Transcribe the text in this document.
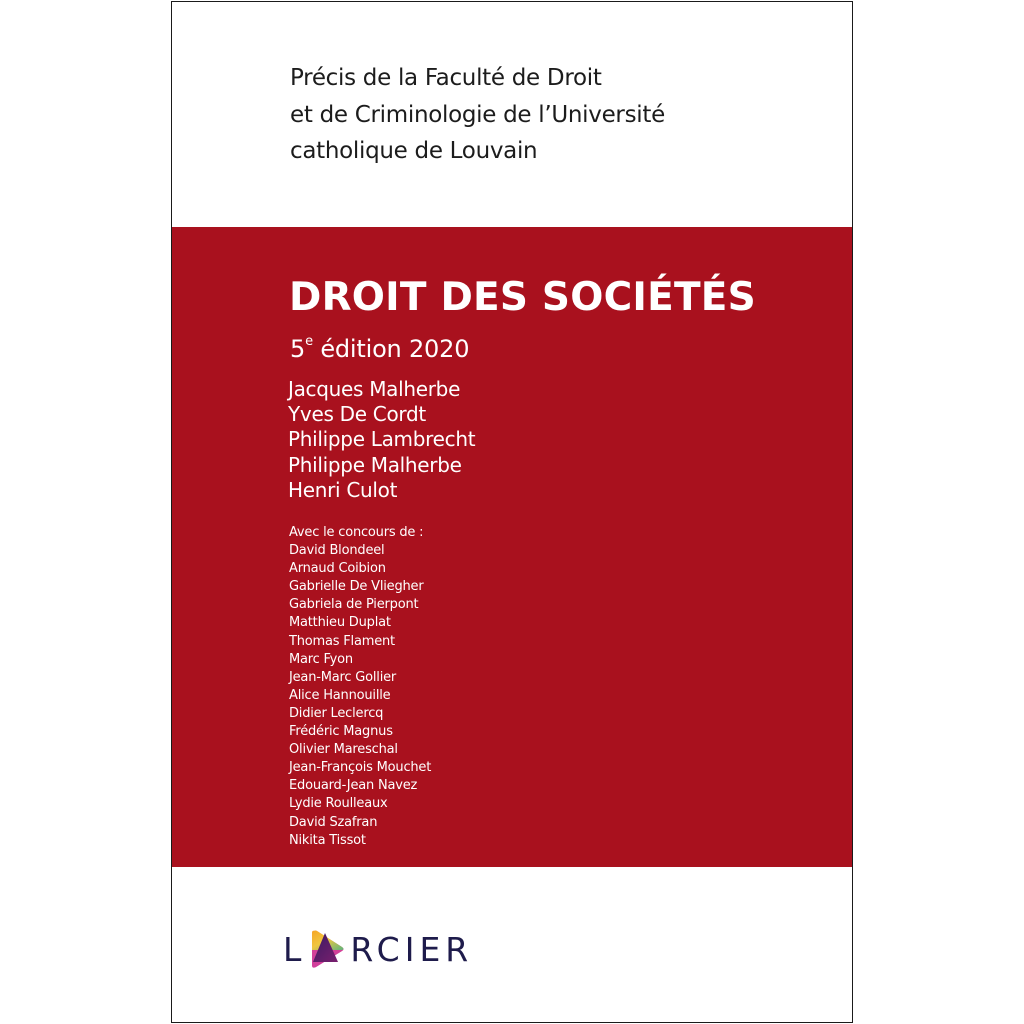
Précis de la Faculté de Droit
et de Criminologie de l’Université
catholique de Louvain
DROIT DES SOCIÉTÉS
5e édition 2020
Jacques Malherbe
Yves De Cordt
Philippe Lambrecht
Philippe Malherbe
Henri Culot
Avec le concours de :
David Blondeel
Arnaud Coibion
Gabrielle De Vliegher
Gabriela de Pierpont
Matthieu Duplat
Thomas Flament
Marc Fyon
Jean-Marc Gollier
Alice Hannouille
Didier Leclercq
Frédéric Magnus
Olivier Mareschal
Jean-François Mouchet
Edouard-Jean Navez
Lydie Roulleaux
David Szafran
Nikita Tissot
L RCIER
